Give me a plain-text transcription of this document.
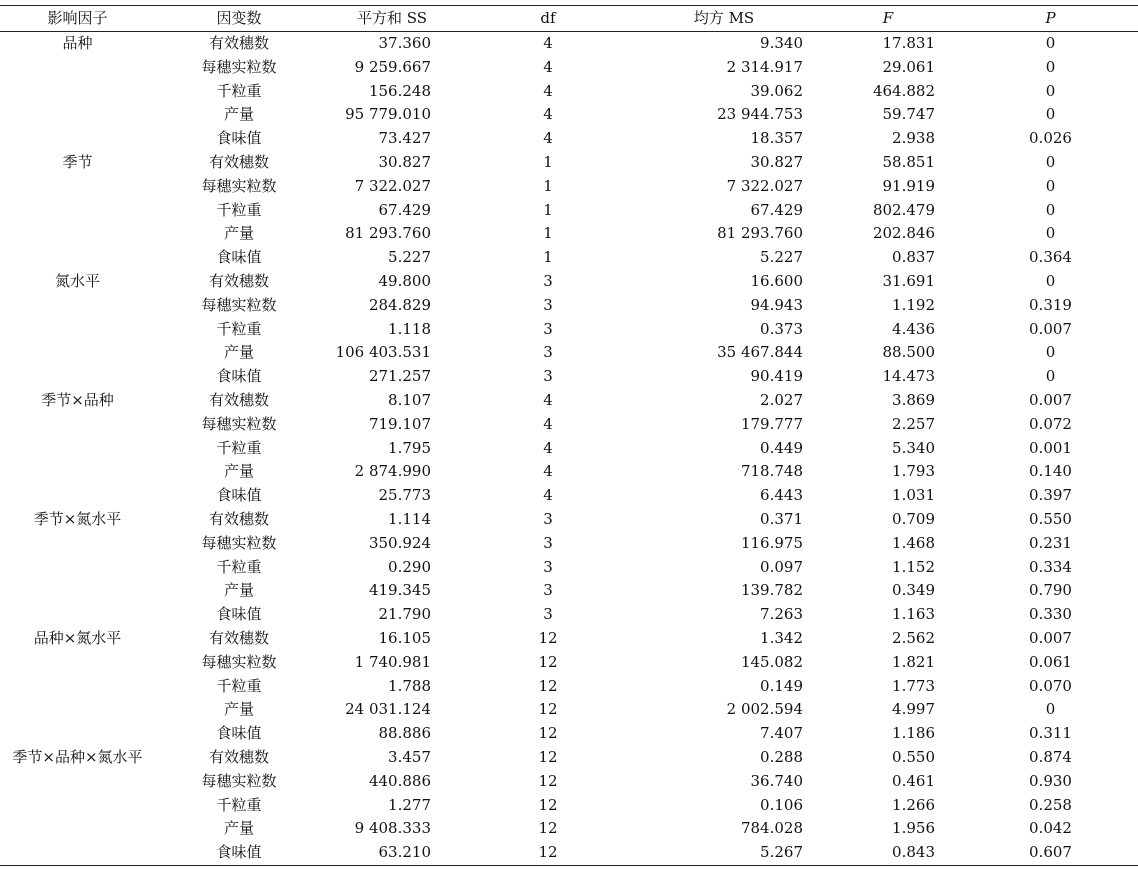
影响因子	因变数	平方和 SS	df	均方 MS	F	P
品种	有效穗数	37.360	4	9.340	17.831	0
	每穗实粒数	9 259.667	4	2 314.917	29.061	0
	千粒重	156.248	4	39.062	464.882	0
	产量	95 779.010	4	23 944.753	59.747	0
	食味值	73.427	4	18.357	2.938	0.026
季节	有效穗数	30.827	1	30.827	58.851	0
	每穗实粒数	7 322.027	1	7 322.027	91.919	0
	千粒重	67.429	1	67.429	802.479	0
	产量	81 293.760	1	81 293.760	202.846	0
	食味值	5.227	1	5.227	0.837	0.364
氮水平	有效穗数	49.800	3	16.600	31.691	0
	每穗实粒数	284.829	3	94.943	1.192	0.319
	千粒重	1.118	3	0.373	4.436	0.007
	产量	106 403.531	3	35 467.844	88.500	0
	食味值	271.257	3	90.419	14.473	0
季节×品种	有效穗数	8.107	4	2.027	3.869	0.007
	每穗实粒数	719.107	4	179.777	2.257	0.072
	千粒重	1.795	4	0.449	5.340	0.001
	产量	2 874.990	4	718.748	1.793	0.140
	食味值	25.773	4	6.443	1.031	0.397
季节×氮水平	有效穗数	1.114	3	0.371	0.709	0.550
	每穗实粒数	350.924	3	116.975	1.468	0.231
	千粒重	0.290	3	0.097	1.152	0.334
	产量	419.345	3	139.782	0.349	0.790
	食味值	21.790	3	7.263	1.163	0.330
品种×氮水平	有效穗数	16.105	12	1.342	2.562	0.007
	每穗实粒数	1 740.981	12	145.082	1.821	0.061
	千粒重	1.788	12	0.149	1.773	0.070
	产量	24 031.124	12	2 002.594	4.997	0
	食味值	88.886	12	7.407	1.186	0.311
季节×品种×氮水平	有效穗数	3.457	12	0.288	0.550	0.874
	每穗实粒数	440.886	12	36.740	0.461	0.930
	千粒重	1.277	12	0.106	1.266	0.258
	产量	9 408.333	12	784.028	1.956	0.042
	食味值	63.210	12	5.267	0.843	0.607
